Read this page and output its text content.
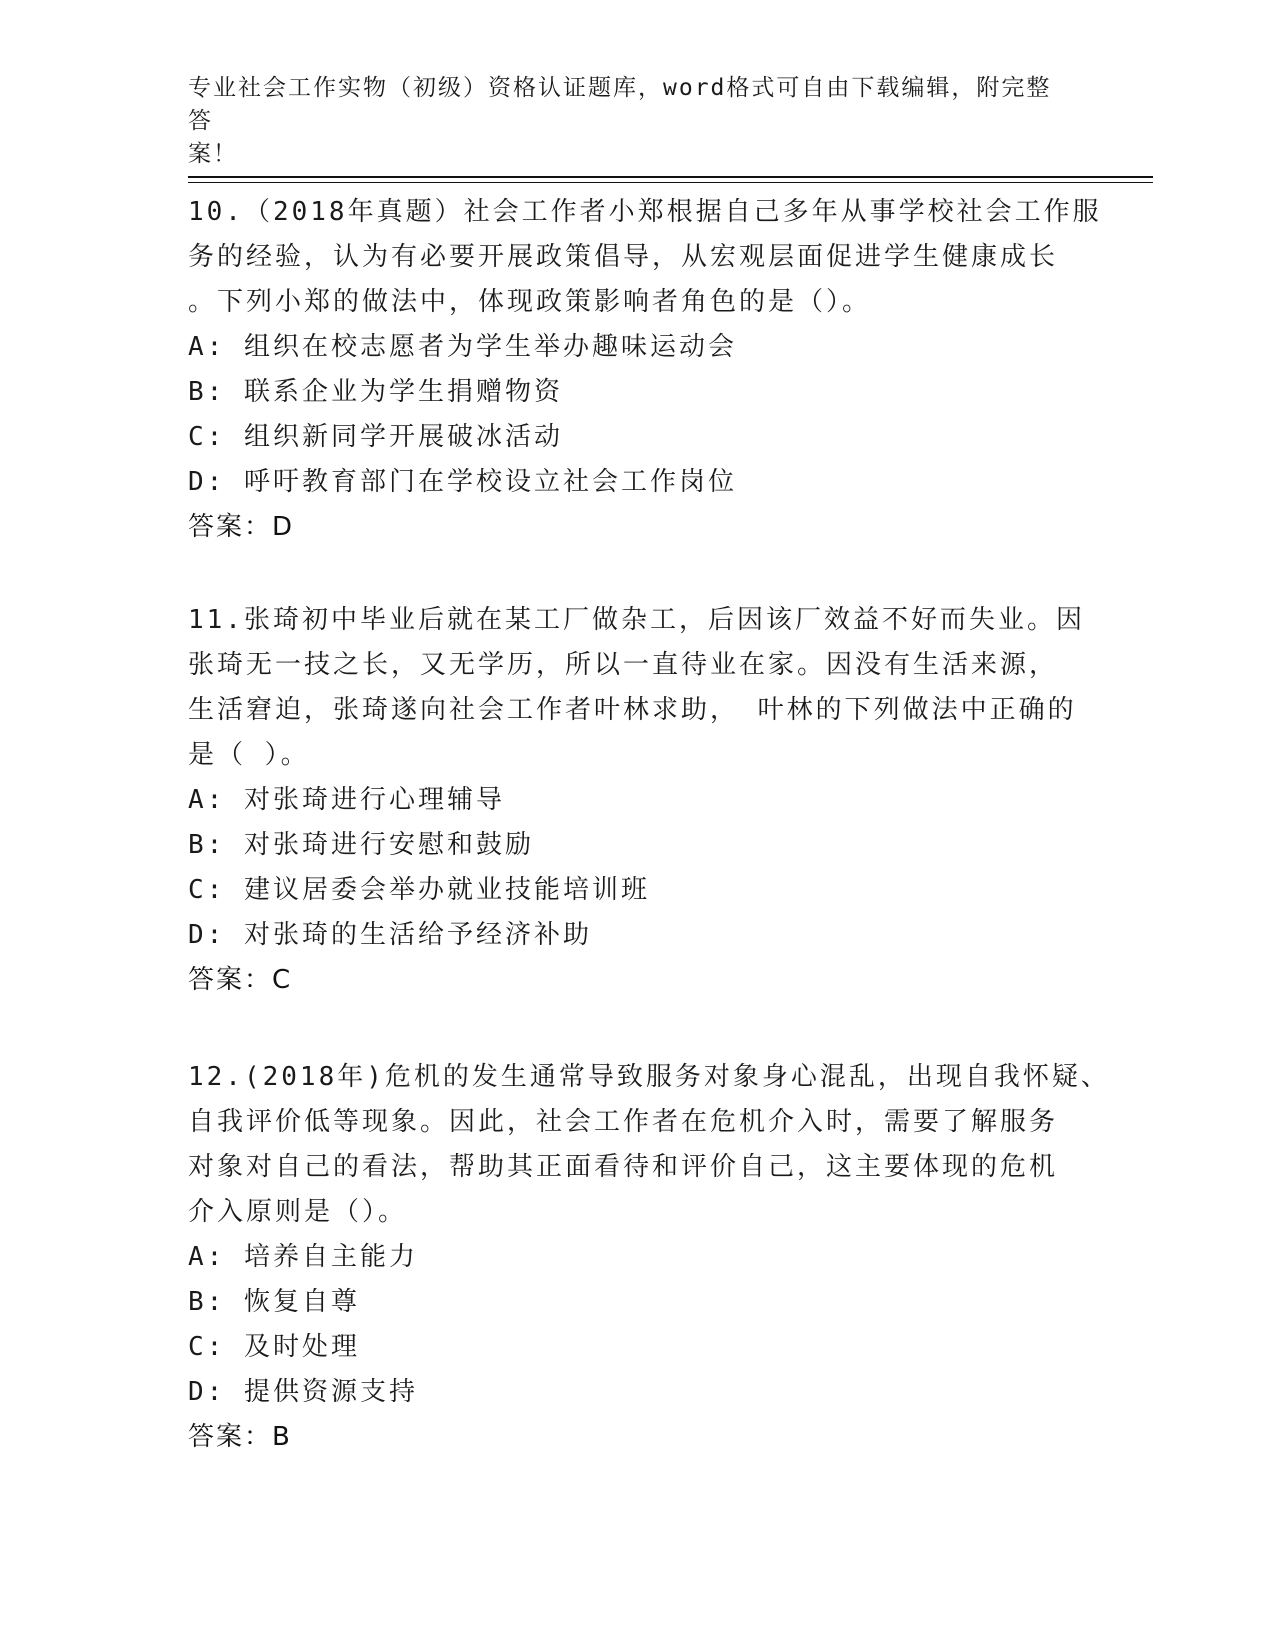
专业社会工作实物（初级）资格认证题库，word格式可自由下载编辑，附完整答
案！

10.（2018年真题）社会工作者小郑根据自己多年从事学校社会工作服
务的经验，认为有必要开展政策倡导，从宏观层面促进学生健康成长
。下列小郑的做法中，体现政策影响者角色的是（）。

A: 组织在校志愿者为学生举办趣味运动会

B: 联系企业为学生捐赠物资

C: 组织新同学开展破冰活动

D: 呼吁教育部门在学校设立社会工作岗位

答案：D

11.张琦初中毕业后就在某工厂做杂工，后因该厂效益不好而失业。因
张琦无一技之长，又无学历，所以一直待业在家。因没有生活来源，
生活窘迫，张琦遂向社会工作者叶林求助， 叶林的下列做法中正确的
是（ ）。

A: 对张琦进行心理辅导

B: 对张琦进行安慰和鼓励

C: 建议居委会举办就业技能培训班

D: 对张琦的生活给予经济补助

答案：C

12.(2018年)危机的发生通常导致服务对象身心混乱，出现自我怀疑、
自我评价低等现象。因此，社会工作者在危机介入时，需要了解服务
对象对自己的看法，帮助其正面看待和评价自己，这主要体现的危机
介入原则是（）。

A: 培养自主能力

B: 恢复自尊

C: 及时处理

D: 提供资源支持

答案：B
